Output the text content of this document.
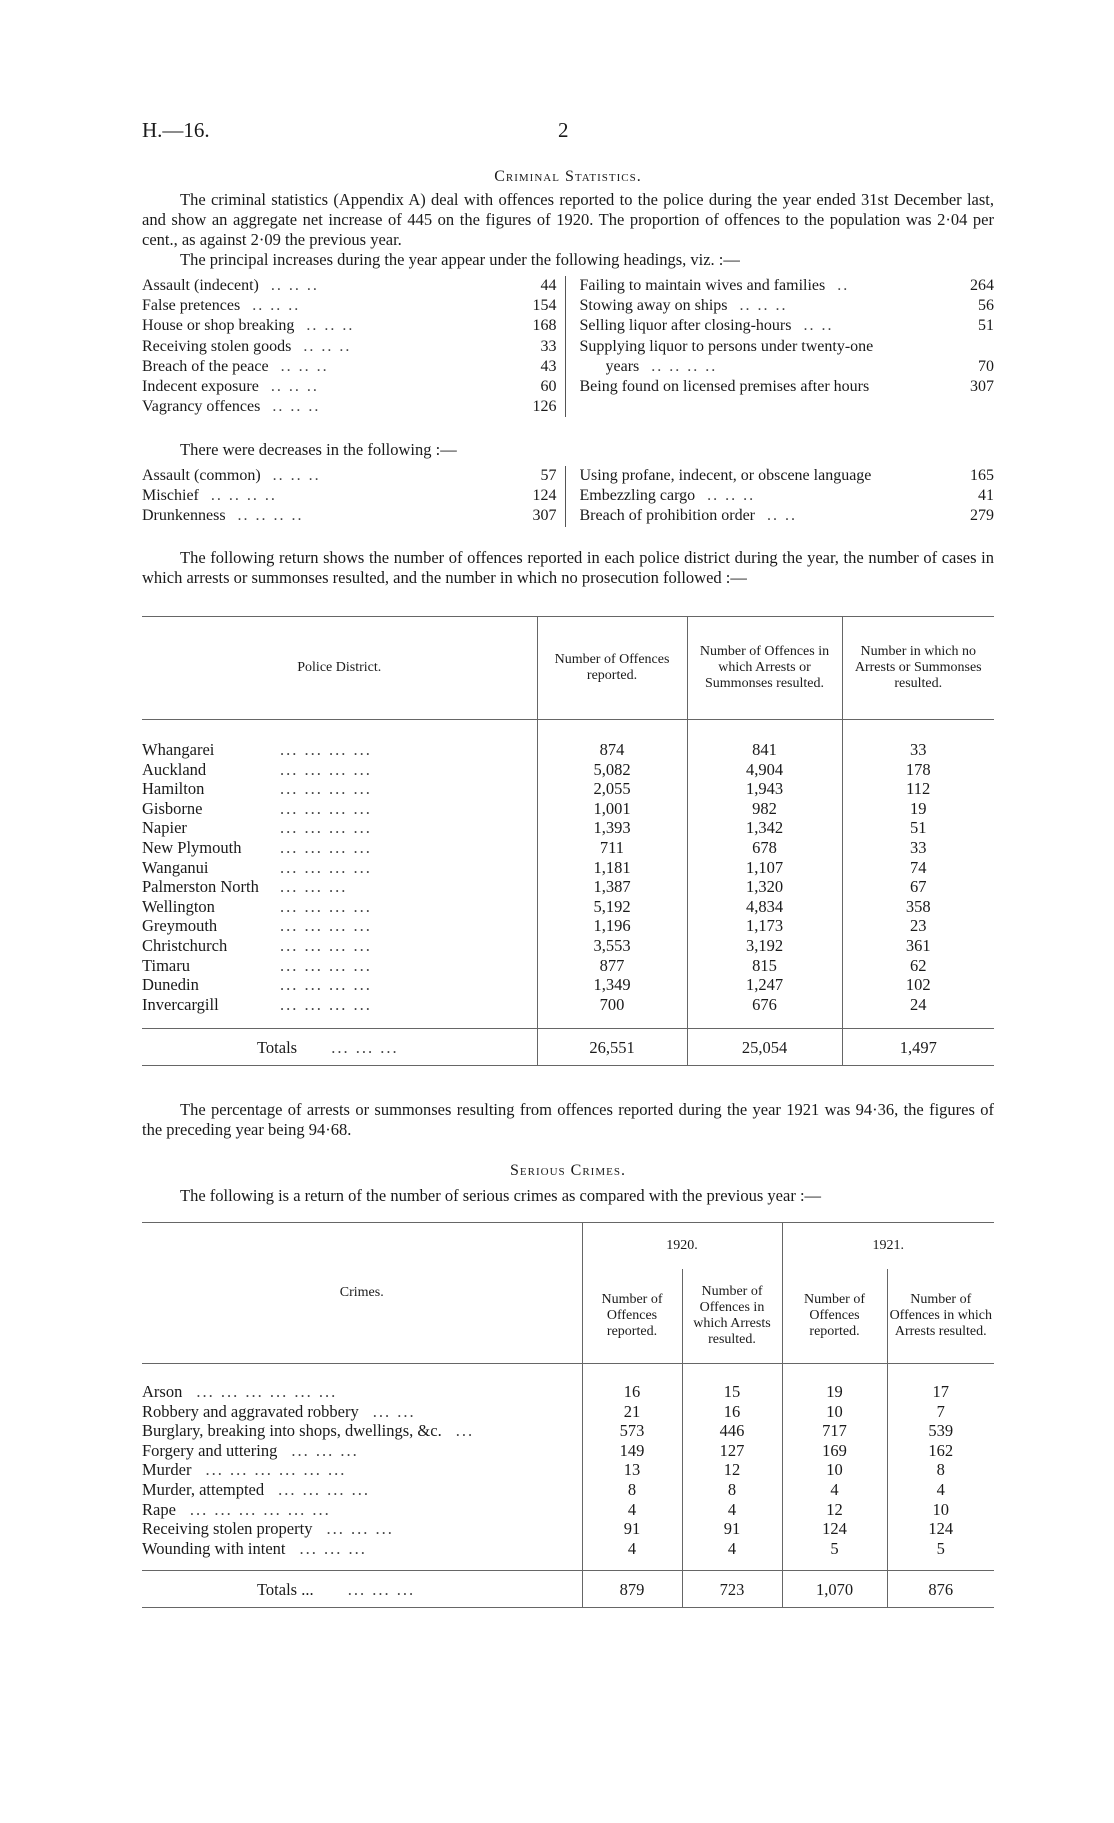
H.—16.	2
Criminal Statistics.

The criminal statistics (Appendix A) deal with offences reported to the police during the year ended 31st December last, and show an aggregate net increase of 445 on the figures of 1920. The proportion of offences to the population was 2·04 per cent., as against 2·09 the previous year.

The principal increases during the year appear under the following headings, viz. :—

Assault (indecent) .. .. ..	44
False pretences .. .. ..	154
House or shop breaking .. .. ..	168
Receiving stolen goods .. .. ..	33
Breach of the peace .. .. ..	43
Indecent exposure .. .. ..	60
Vagrancy offences .. .. ..	126
Failing to maintain wives and families ..	264
Stowing away on ships .. .. ..	56
Selling liquor after closing-hours .. ..	51
Supplying liquor to persons under twenty-one
years .. .. .. ..	70
Being found on licensed premises after hours	307

There were decreases in the following :—

Assault (common) .. .. ..	57
Mischief .. .. .. ..	124
Drunkenness .. .. .. ..	307
Using profane, indecent, or obscene language	165
Embezzling cargo .. .. ..	41
Breach of prohibition order .. ..	279

The following return shows the number of offences reported in each police district during the year, the number of cases in which arrests or summonses resulted, and the number in which no prosecution followed :—

Police District.	Number of Offences reported.	Number of Offences in which Arrests or Summonses resulted.	Number in which no Arrests or Summonses resulted.

Whangarei ... ... ... ...	874	841	33
Auckland ... ... ... ...	5,082	4,904	178
Hamilton ... ... ... ...	2,055	1,943	112
Gisborne ... ... ... ...	1,001	982	19
Napier ... ... ... ...	1,393	1,342	51
New Plymouth ... ... ... ...	711	678	33
Wanganui ... ... ... ...	1,181	1,107	74
Palmerston North ... ... ...	1,387	1,320	67
Wellington ... ... ... ...	5,192	4,834	358
Greymouth ... ... ... ...	1,196	1,173	23
Christchurch ... ... ... ...	3,553	3,192	361
Timaru ... ... ... ...	877	815	62
Dunedin ... ... ... ...	1,349	1,247	102
Invercargill ... ... ... ...	700	676	24

Totals ... ... ...	26,551	25,054	1,497

The percentage of arrests or summonses resulting from offences reported during the year 1921 was 94·36, the figures of the preceding year being 94·68.

Serious Crimes.

The following is a return of the number of serious crimes as compared with the previous year :—

Crimes.	1920.		1921.	
	Number of Offences reported.	Number of Offences in which Arrests resulted.	Number of Offences reported.	Number of Offences in which Arrests resulted.

Arson ... ... ... ... ... ...	16	15	19	17
Robbery and aggravated robbery ... ...	21	16	10	7
Burglary, breaking into shops, dwellings, &c. ...	573	446	717	539
Forgery and uttering ... ... ...	149	127	169	162
Murder ... ... ... ... ... ...	13	12	10	8
Murder, attempted ... ... ... ...	8	8	4	4
Rape ... ... ... ... ... ...	4	4	12	10
Receiving stolen property ... ... ...	91	91	124	124
Wounding with intent ... ... ...	4	4	5	5

Totals ... ... ... ...	879	723	1,070	876
